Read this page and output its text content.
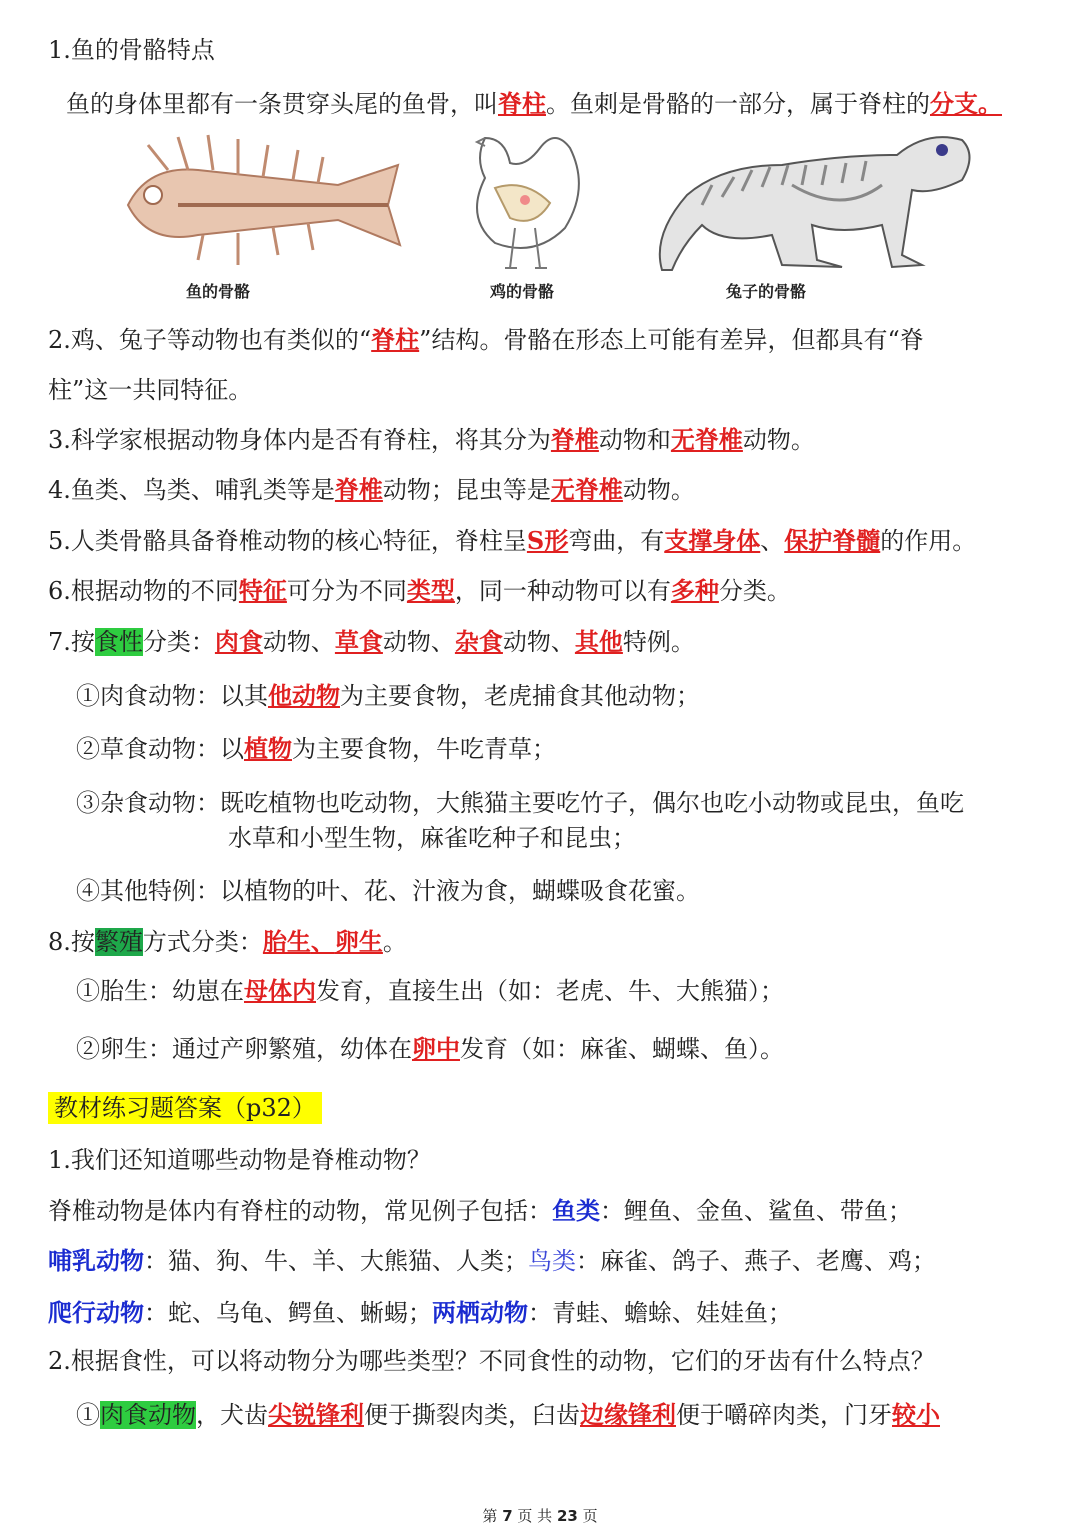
1.鱼的骨骼特点
鱼的身体里都有一条贯穿头尾的鱼骨，叫脊柱。鱼刺是骨骼的一部分，属于脊柱的分支。
鱼的骨骼	鸡的骨骼	兔子的骨骼
2.鸡、兔子等动物也有类似的“脊柱”结构。骨骼在形态上可能有差异，但都具有“脊
柱”这一共同特征。
3.科学家根据动物身体内是否有脊柱，将其分为脊椎动物和无脊椎动物。
4.鱼类、鸟类、哺乳类等是脊椎动物；昆虫等是无脊椎动物。
5.人类骨骼具备脊椎动物的核心特征，脊柱呈S形弯曲，有支撑身体、保护脊髓的作用。
6.根据动物的不同特征可分为不同类型，同一种动物可以有多种分类。
7.按食性分类：肉食动物、草食动物、杂食动物、其他特例。
①肉食动物：以其他动物为主要食物，老虎捕食其他动物；
②草食动物：以植物为主要食物，牛吃青草；
③杂食动物：既吃植物也吃动物，大熊猫主要吃竹子，偶尔也吃小动物或昆虫，鱼吃
水草和小型生物，麻雀吃种子和昆虫；
④其他特例：以植物的叶、花、汁液为食，蝴蝶吸食花蜜。
8.按繁殖方式分类：胎生、卵生。
①胎生：幼崽在母体内发育，直接生出（如：老虎、牛、大熊猫）；
②卵生：通过产卵繁殖，幼体在卵中发育（如：麻雀、蝴蝶、鱼）。
教材练习题答案（p32）
1.我们还知道哪些动物是脊椎动物？
脊椎动物是体内有脊柱的动物，常见例子包括：鱼类：鲤鱼、金鱼、鲨鱼、带鱼；
哺乳动物：猫、狗、牛、羊、大熊猫、人类；鸟类：麻雀、鸽子、燕子、老鹰、鸡；
爬行动物：蛇、乌龟、鳄鱼、蜥蜴；两栖动物：青蛙、蟾蜍、娃娃鱼；
2.根据食性，可以将动物分为哪些类型？不同食性的动物，它们的牙齿有什么特点？
①肉食动物，犬齿尖锐锋利便于撕裂肉类，臼齿边缘锋利便于嚼碎肉类，门牙较小
第 7 页 共 23 页
